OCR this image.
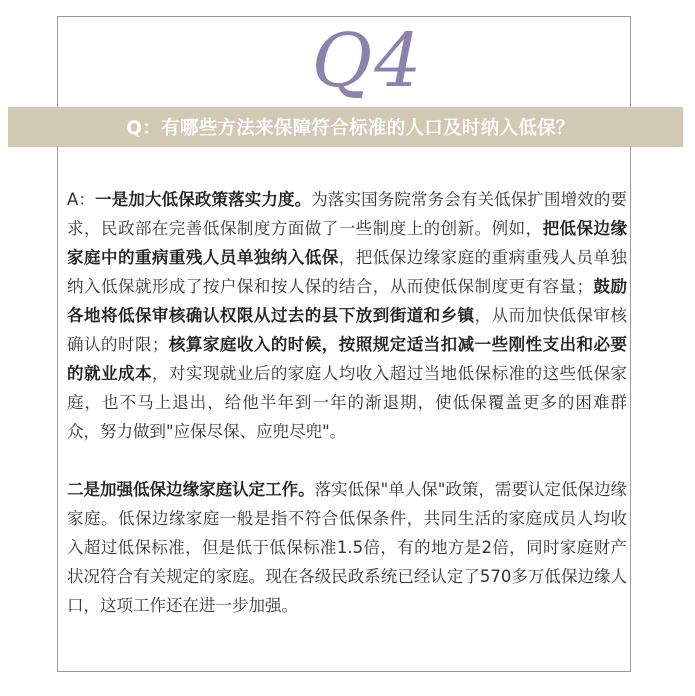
Q4
Q：有哪些方法来保障符合标准的人口及时纳入低保？

A：一是加大低保政策落实力度。为落实国务院常务会有关低保扩围增效的要求，民政部在完善低保制度方面做了一些制度上的创新。例如，把低保边缘家庭中的重病重残人员单独纳入低保，把低保边缘家庭的重病重残人员单独纳入低保就形成了按户保和按人保的结合，从而使低保制度更有容量；鼓励各地将低保审核确认权限从过去的县下放到街道和乡镇，从而加快低保审核确认的时限；核算家庭收入的时候，按照规定适当扣减一些刚性支出和必要的就业成本，对实现就业后的家庭人均收入超过当地低保标准的这些低保家庭，也不马上退出，给他半年到一年的渐退期，使低保覆盖更多的困难群众，努力做到"应保尽保、应兜尽兜"。

二是加强低保边缘家庭认定工作。落实低保"单人保"政策，需要认定低保边缘家庭。低保边缘家庭一般是指不符合低保条件，共同生活的家庭成员人均收入超过低保标准，但是低于低保标准1.5倍，有的地方是2倍，同时家庭财产状况符合有关规定的家庭。现在各级民政系统已经认定了570多万低保边缘人口，这项工作还在进一步加强。
